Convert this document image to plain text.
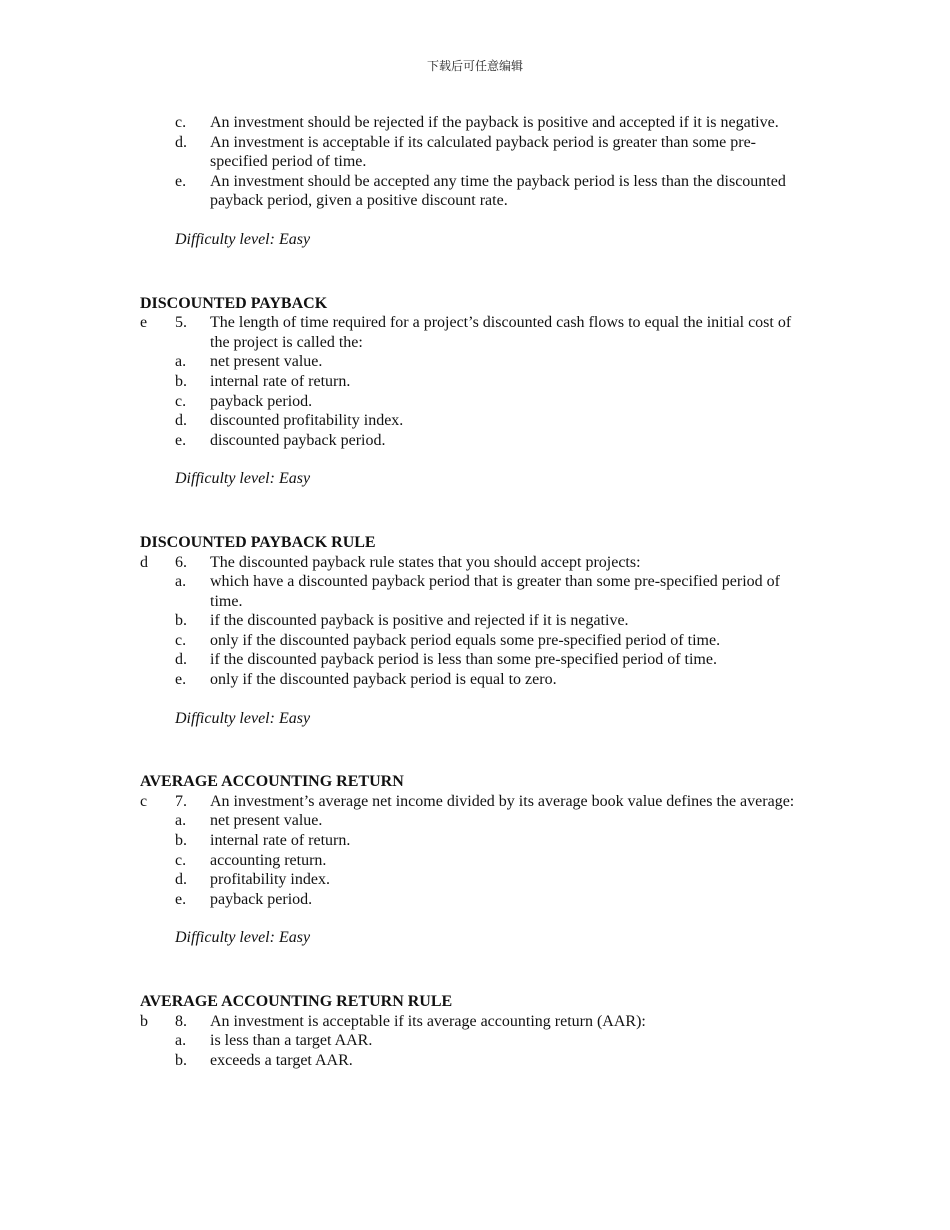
下载后可任意编辑
c.	An investment should be rejected if the payback is positive and accepted if it is negative.
d.	An investment is acceptable if its calculated payback period is greater than some pre-specified period of time.
e.	An investment should be accepted any time the payback period is less than the discounted payback period, given a positive discount rate.
Difficulty level: Easy
DISCOUNTED PAYBACK
e	5.	The length of time required for a project’s discounted cash flows to equal the initial cost of the project is called the:
a.	net present value.
b.	internal rate of return.
c.	payback period.
d.	discounted profitability index.
e.	discounted payback period.
Difficulty level: Easy
DISCOUNTED PAYBACK RULE
d	6.	The discounted payback rule states that you should accept projects:
a.	which have a discounted payback period that is greater than some pre-specified period of time.
b.	if the discounted payback is positive and rejected if it is negative.
c.	only if the discounted payback period equals some pre-specified period of time.
d.	if the discounted payback period is less than some pre-specified period of time.
e.	only if the discounted payback period is equal to zero.
Difficulty level: Easy
AVERAGE ACCOUNTING RETURN
c	7.	An investment’s average net income divided by its average book value defines the average:
a.	net present value.
b.	internal rate of return.
c.	accounting return.
d.	profitability index.
e.	payback period.
Difficulty level: Easy
AVERAGE ACCOUNTING RETURN RULE
b	8.	An investment is acceptable if its average accounting return (AAR):
a.	is less than a target AAR.
b.	exceeds a target AAR.
